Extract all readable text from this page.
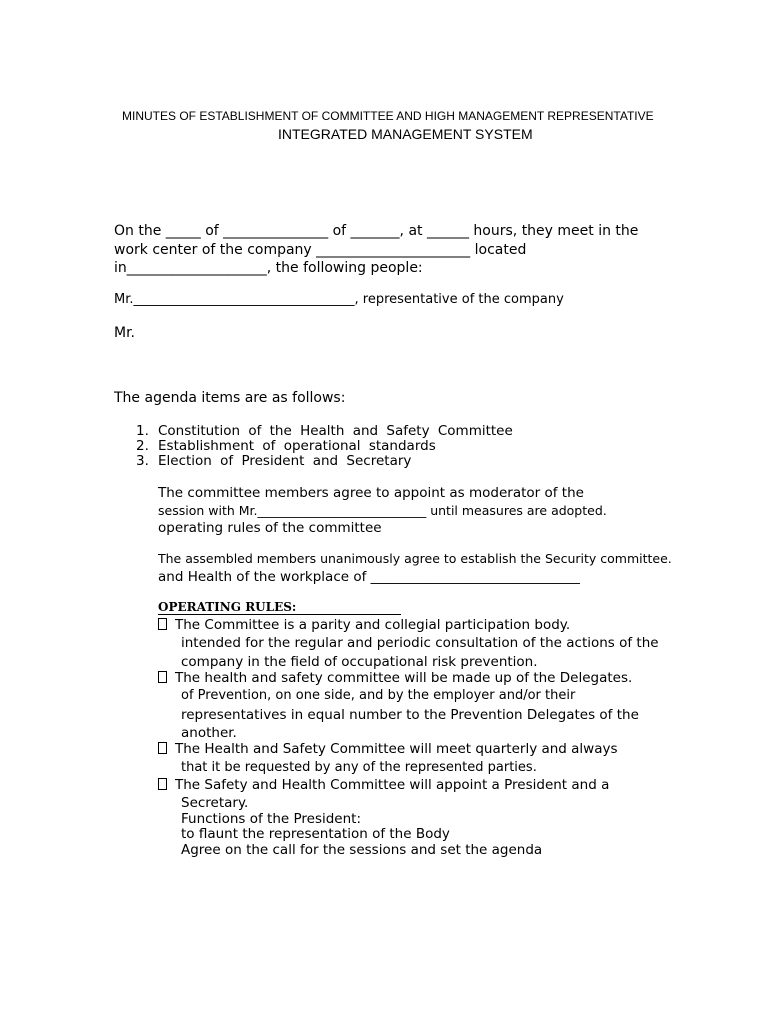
MINUTES OF ESTABLISHMENT OF COMMITTEE AND HIGH MANAGEMENT REPRESENTATIVE
INTEGRATED MANAGEMENT SYSTEM
On the _____ of _______________ of _______, at ______ hours, they meet in the
work center of the company ______________________ located
in____________________, the following people:
Mr.__________________________________, representative of the company
Mr.
The agenda items are as follows:
1. Constitution of the Health and Safety Committee
2. Establishment of operational standards
3. Election of President and Secretary
The committee members agree to appoint as moderator of the
session with Mr.___________________________ until measures are adopted.
operating rules of the committee
The assembled members unanimously agree to establish the Security committee.
and Health of the workplace of _______________________________
OPERATING RULES:
The Committee is a parity and collegial participation body.
intended for the regular and periodic consultation of the actions of the
company in the field of occupational risk prevention.
The health and safety committee will be made up of the Delegates.
of Prevention, on one side, and by the employer and/or their
representatives in equal number to the Prevention Delegates of the
another.
The Health and Safety Committee will meet quarterly and always
that it be requested by any of the represented parties.
The Safety and Health Committee will appoint a President and a
Secretary.
Functions of the President:
to flaunt the representation of the Body
Agree on the call for the sessions and set the agenda
